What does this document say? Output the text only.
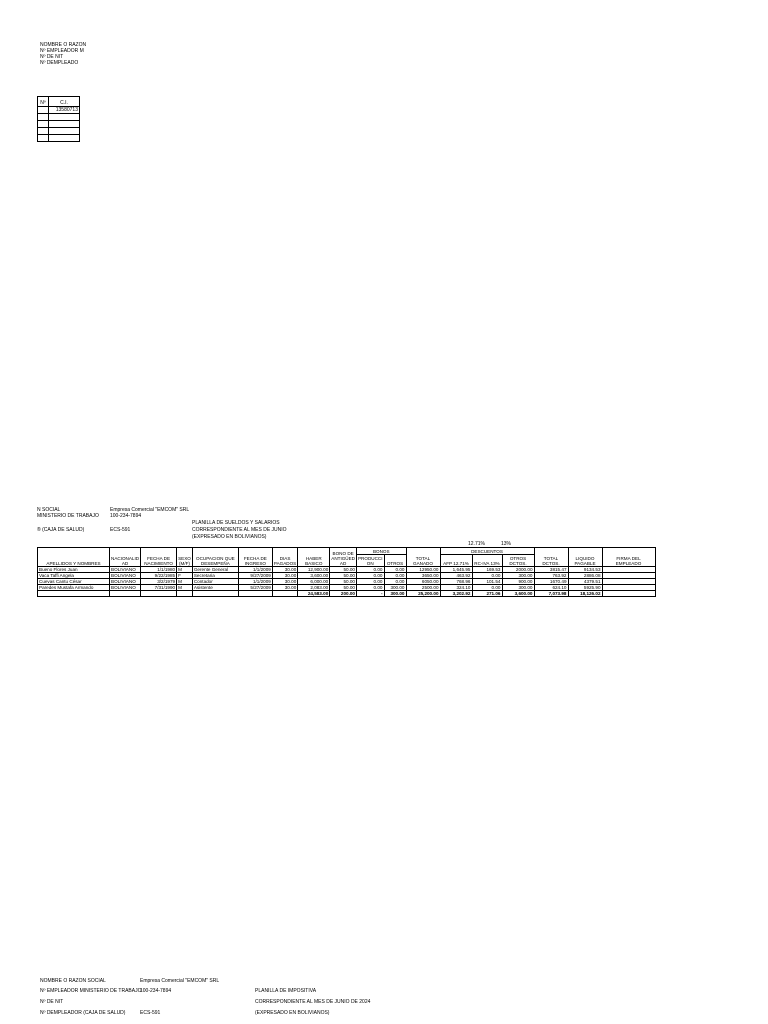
NOMBRE O RAZON
Nº EMPLEADOR M
Nº DE NIT
Nº DEMPLEADO
Nº	C.I.
	13580713

N SOCIAL	Empresa Comercial "EMCOM" SRL
MINISTERIO DE TRABAJO 100-234-7894
® (CAJA DE SALUD)	ECS-591
PLANILLA DE SUELDOS Y SALARIOS
CORRESPONDIENTE AL MES DE JUNIO
(EXPRESADO EN BOLIVIANOS)
12.71%	13%
APELLIDOS Y NOMBRES	NACIONALID AD	FECHA DE NACIMIENTO	SEXO (M/F)	OCUPACION QUE DESEMPEÑA	FECHA DE INGRESO	DIAS PAGADOS	HABER BASICO	BONO DE ANTIGÜED AD	BONOS		TOTAL GANADO	DESCUENTOS			TOTAL DCTOS.	LIQUIDO PAGABLE	FIRMA DEL EMPLEADO
									PRODUCCI ON	OTROS		AFP 12.71%	RC-IVA 13%	OTROS DCTOS.			

Bueno Flores Juan	BOLIVIANO	1/1/1980	M	Gerente General	1/1/2009	30.00	12,900.00	50.00	0.00	0.00	12950.00	1,645.95	169.53	2000.00	3815.47	9134.53	
Vaca Taffi Angela	BOLIVIANO	9/22/1985	F	Secretaria	9/27/2009	30.00	3,600.00	50.00	0.00	0.00	3650.00	463.92	0.00	300.00	763.92	2886.08	
Cuevas Cantu César	BOLIVIANO	3/2/1979	M	Contador	1/1/2009	30.00	6,000.00	50.00	0.00	0.00	6050.00	768.96	101.54	900.00	1670.49	4379.51	
Paredes Mustafa Armando	BOLIVIANO	7/31/1990	M	Asistente	5/27/2009	30.00	2,083.00	50.00	0.00	300.00	2500.00	324.10	0.00	300.00	624.10	5925.90	
							24,583.00	200.00	-	300.00	25,200.00	3,202.92	271.06	3,600.00	7,073.98	18,126.02	
NOMBRE O RAZON SOCIAL	Empresa Comercial "EMCOM" SRL
Nº EMPLEADOR MINISTERIO DE TRABAJO
100-234-7894	PLANILLA DE IMPOSITIVA
Nº DE NIT	CORRESPONDIENTE AL MES DE JUNIO DE 2024
Nº DEMPLEADOR (CAJA DE SALUD)	ECS-591	(EXPRESADO EN BOLIVIANOS)
